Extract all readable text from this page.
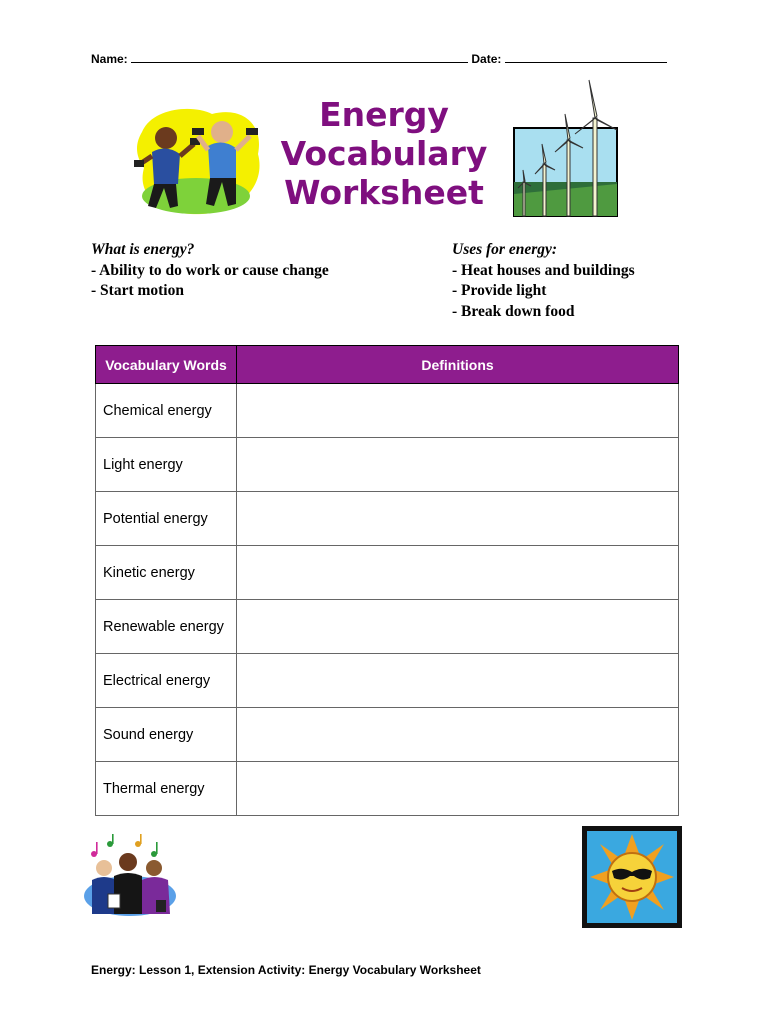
Name:	Date:
Energy
Vocabulary
Worksheet
What is energy?
- Ability to do work or cause change
- Start motion
Uses for energy:
- Heat houses and buildings
- Provide light
- Break down food
Vocabulary Words	Definitions
Chemical energy	
Light energy	
Potential energy	
Kinetic energy	
Renewable energy	
Electrical energy	
Sound energy	
Thermal energy	
Energy: Lesson 1, Extension Activity: Energy Vocabulary Worksheet
